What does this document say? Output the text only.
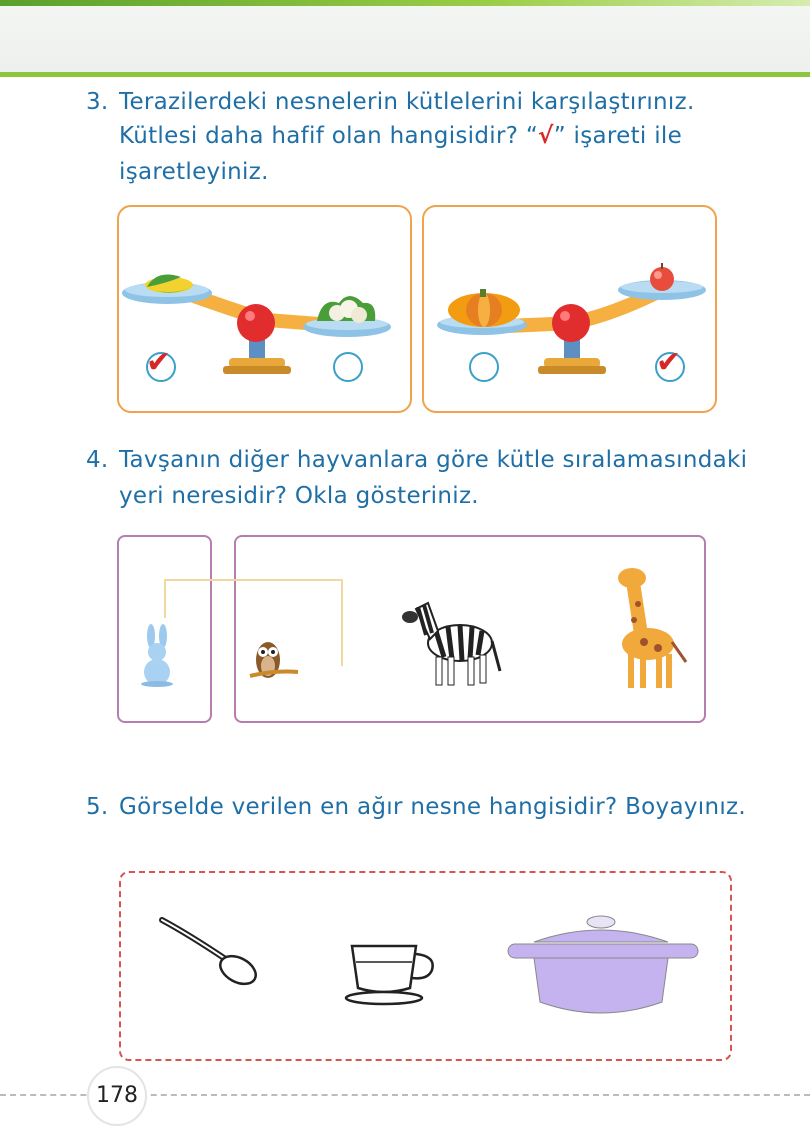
3. Terazilerdeki nesnelerin kütlelerini karşılaştırınız.
Kütlesi daha hafif olan hangisidir? “√” işareti ile
işaretleyiniz.
✔	✔
4. Tavşanın diğer hayvanlara göre kütle sıralamasındaki
yeri neresidir? Okla gösteriniz.
5. Görselde verilen en ağır nesne hangisidir? Boyayınız.
178
